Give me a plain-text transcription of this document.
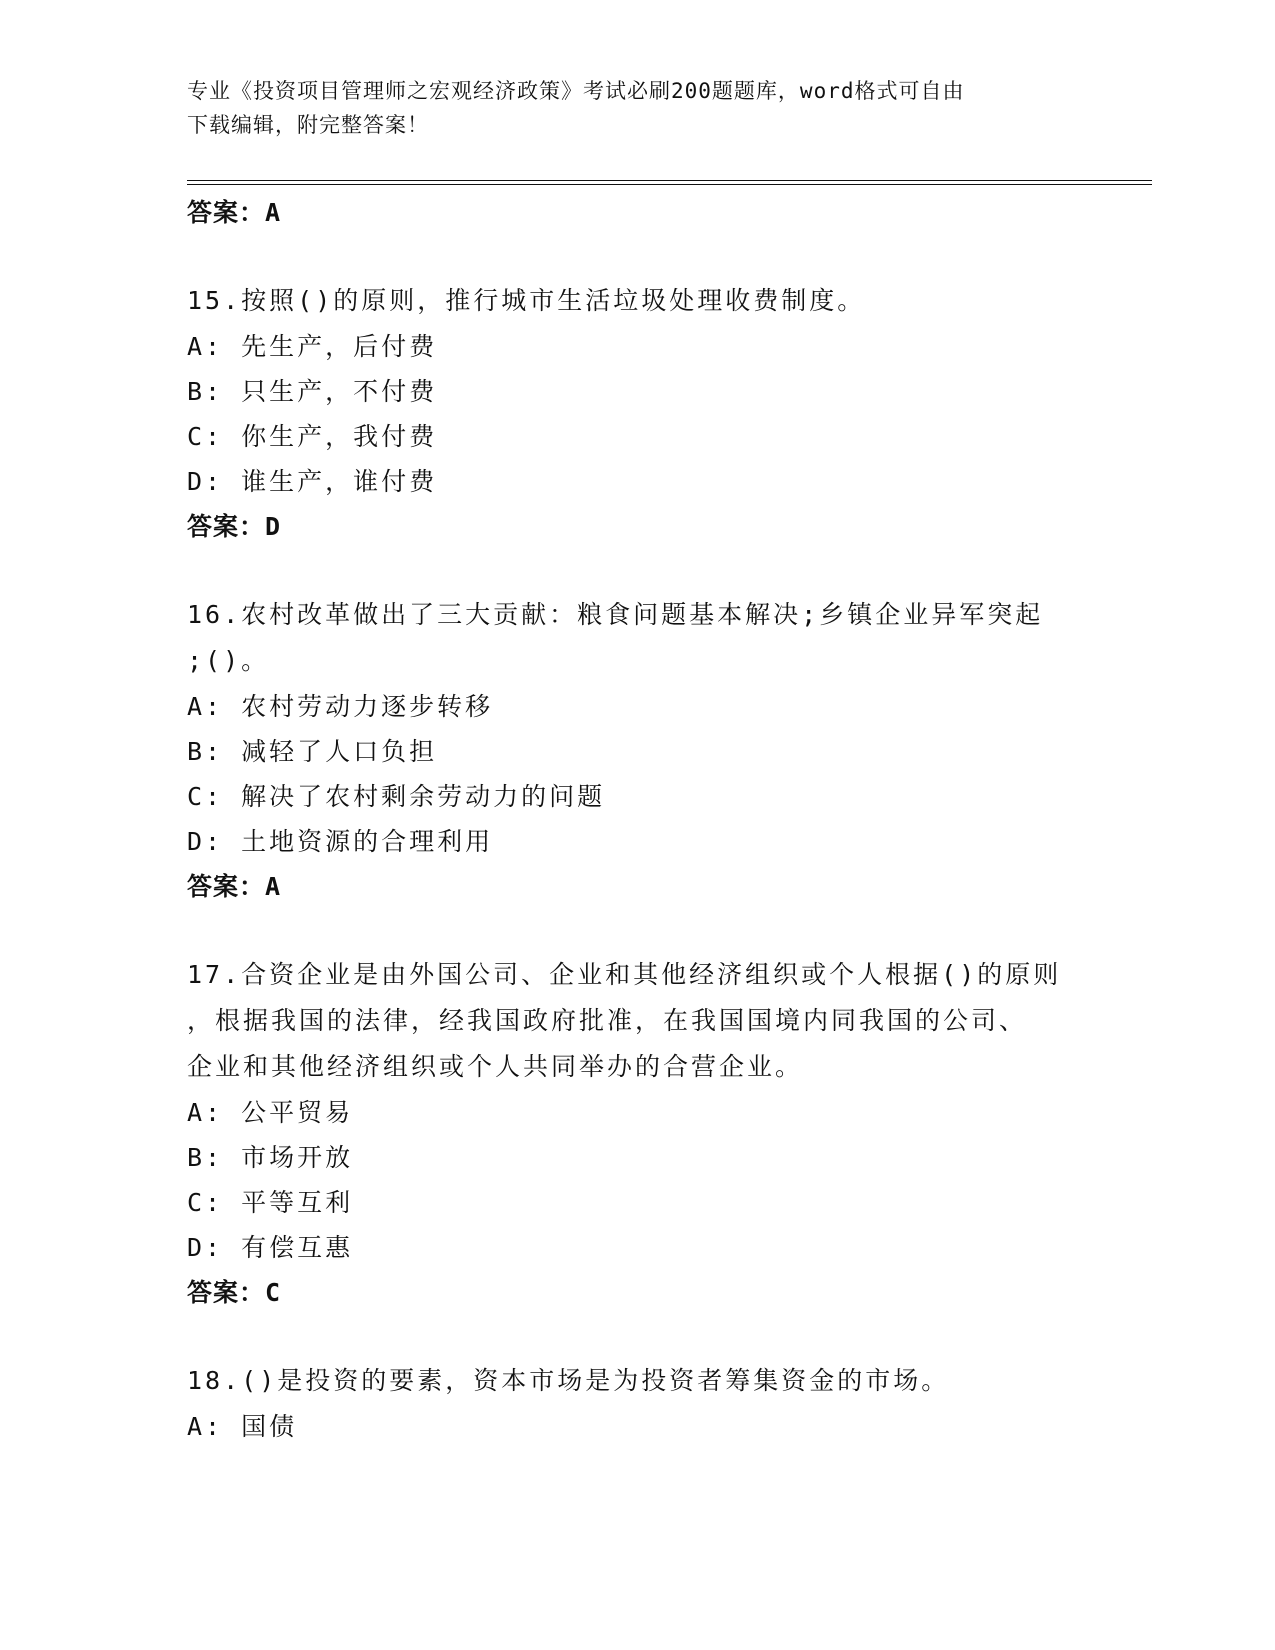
专业《投资项目管理师之宏观经济政策》考试必刷200题题库，word格式可自由
下载编辑，附完整答案！
答案：A
15.按照()的原则，推行城市生活垃圾处理收费制度。
A: 先生产，后付费
B: 只生产，不付费
C: 你生产，我付费
D: 谁生产，谁付费
答案：D
16.农村改革做出了三大贡献：粮食问题基本解决;乡镇企业异军突起
;()。
A: 农村劳动力逐步转移
B: 减轻了人口负担
C: 解决了农村剩余劳动力的问题
D: 土地资源的合理利用
答案：A
17.合资企业是由外国公司、企业和其他经济组织或个人根据()的原则
，根据我国的法律，经我国政府批准，在我国国境内同我国的公司、
企业和其他经济组织或个人共同举办的合营企业。
A: 公平贸易
B: 市场开放
C: 平等互利
D: 有偿互惠
答案：C
18.()是投资的要素，资本市场是为投资者筹集资金的市场。
A: 国债
